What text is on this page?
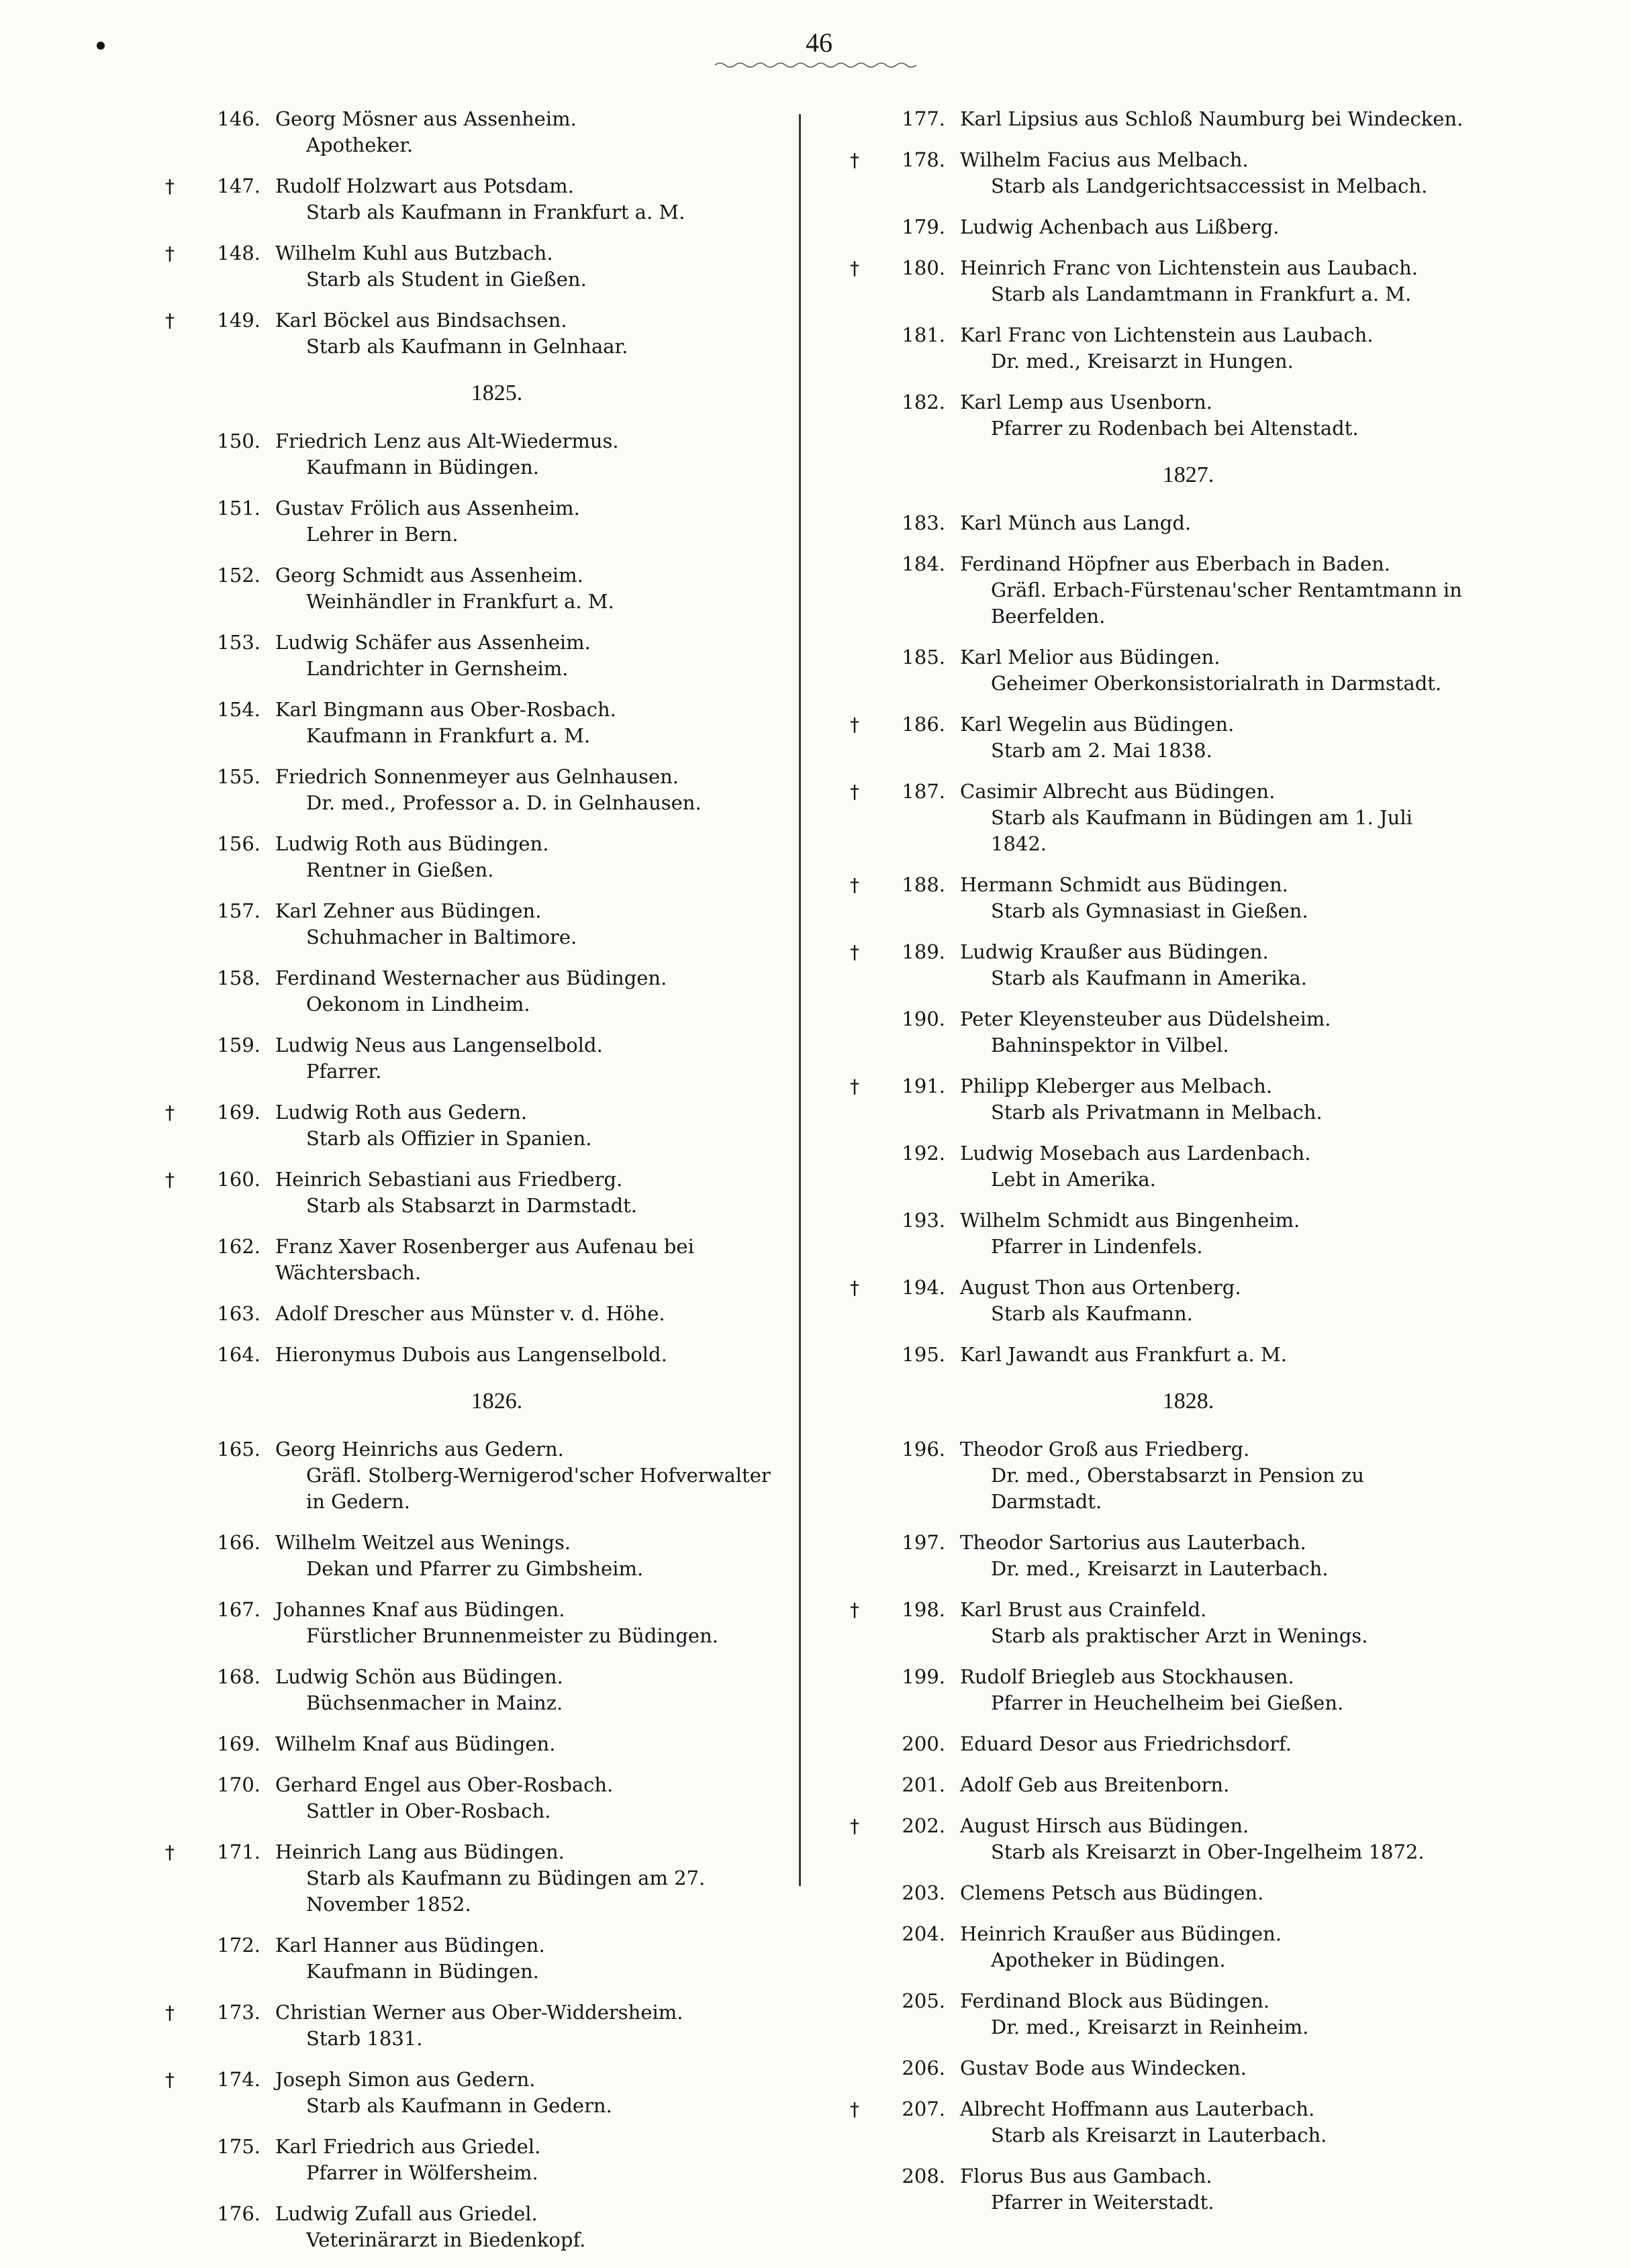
46
146. Georg Mösner aus Assenheim.
Apotheker.
†	147. Rudolf Holzwart aus Potsdam.
Starb als Kaufmann in Frankfurt a. M.
†	148. Wilhelm Kuhl aus Butzbach.
Starb als Student in Gießen.
†	149. Karl Böckel aus Bindsachsen.
Starb als Kaufmann in Gelnhaar.
1825.
150. Friedrich Lenz aus Alt-Wiedermus.
Kaufmann in Büdingen.
151. Gustav Frölich aus Assenheim.
Lehrer in Bern.
152. Georg Schmidt aus Assenheim.
Weinhändler in Frankfurt a. M.
153. Ludwig Schäfer aus Assenheim.
Landrichter in Gernsheim.
154. Karl Bingmann aus Ober-Rosbach.
Kaufmann in Frankfurt a. M.
155. Friedrich Sonnenmeyer aus Gelnhausen.
Dr. med., Professor a. D. in Gelnhausen.
156. Ludwig Roth aus Büdingen.
Rentner in Gießen.
157. Karl Zehner aus Büdingen.
Schuhmacher in Baltimore.
158. Ferdinand Westernacher aus Büdingen.
Oekonom in Lindheim.
159. Ludwig Neus aus Langenselbold.
Pfarrer.
†	169. Ludwig Roth aus Gedern.
Starb als Offizier in Spanien.
†	160. Heinrich Sebastiani aus Friedberg.
Starb als Stabsarzt in Darmstadt.
162. Franz Xaver Rosenberger aus Aufenau bei Wächtersbach.
163. Adolf Drescher aus Münster v. d. Höhe.
164. Hieronymus Dubois aus Langenselbold.
1826.
165. Georg Heinrichs aus Gedern.
Gräfl. Stolberg-Wernigerod'scher Hofverwalter in Gedern.
166. Wilhelm Weitzel aus Wenings.
Dekan und Pfarrer zu Gimbsheim.
167. Johannes Knaf aus Büdingen.
Fürstlicher Brunnenmeister zu Büdingen.
168. Ludwig Schön aus Büdingen.
Büchsenmacher in Mainz.
169. Wilhelm Knaf aus Büdingen.
170. Gerhard Engel aus Ober-Rosbach.
Sattler in Ober-Rosbach.
†	171. Heinrich Lang aus Büdingen.
Starb als Kaufmann zu Büdingen am 27. November 1852.
172. Karl Hanner aus Büdingen.
Kaufmann in Büdingen.
†	173. Christian Werner aus Ober-Widdersheim.
Starb 1831.
†	174. Joseph Simon aus Gedern.
Starb als Kaufmann in Gedern.
175. Karl Friedrich aus Griedel.
Pfarrer in Wölfersheim.
176. Ludwig Zufall aus Griedel.
Veterinärarzt in Biedenkopf.
177. Karl Lipsius aus Schloß Naumburg bei Windecken.
†	178. Wilhelm Facius aus Melbach.
Starb als Landgerichtsaccessist in Melbach.
179. Ludwig Achenbach aus Lißberg.
†	180. Heinrich Franc von Lichtenstein aus Laubach.
Starb als Landamtmann in Frankfurt a. M.
181. Karl Franc von Lichtenstein aus Laubach.
Dr. med., Kreisarzt in Hungen.
182. Karl Lemp aus Usenborn.
Pfarrer zu Rodenbach bei Altenstadt.
1827.
183. Karl Münch aus Langd.
184. Ferdinand Höpfner aus Eberbach in Baden.
Gräfl. Erbach-Fürstenau'scher Rentamtmann in Beerfelden.
185. Karl Melior aus Büdingen.
Geheimer Oberkonsistorialrath in Darmstadt.
†	186. Karl Wegelin aus Büdingen.
Starb am 2. Mai 1838.
†	187. Casimir Albrecht aus Büdingen.
Starb als Kaufmann in Büdingen am 1. Juli 1842.
†	188. Hermann Schmidt aus Büdingen.
Starb als Gymnasiast in Gießen.
†	189. Ludwig Kraußer aus Büdingen.
Starb als Kaufmann in Amerika.
190. Peter Kleyensteuber aus Düdelsheim.
Bahninspektor in Vilbel.
†	191. Philipp Kleberger aus Melbach.
Starb als Privatmann in Melbach.
192. Ludwig Mosebach aus Lardenbach.
Lebt in Amerika.
193. Wilhelm Schmidt aus Bingenheim.
Pfarrer in Lindenfels.
†	194. August Thon aus Ortenberg.
Starb als Kaufmann.
195. Karl Jawandt aus Frankfurt a. M.
1828.
196. Theodor Groß aus Friedberg.
Dr. med., Oberstabsarzt in Pension zu Darmstadt.
197. Theodor Sartorius aus Lauterbach.
Dr. med., Kreisarzt in Lauterbach.
†	198. Karl Brust aus Crainfeld.
Starb als praktischer Arzt in Wenings.
199. Rudolf Briegleb aus Stockhausen.
Pfarrer in Heuchelheim bei Gießen.
200. Eduard Desor aus Friedrichsdorf.
201. Adolf Geb aus Breitenborn.
†	202. August Hirsch aus Büdingen.
Starb als Kreisarzt in Ober-Ingelheim 1872.
203. Clemens Petsch aus Büdingen.
204. Heinrich Kraußer aus Büdingen.
Apotheker in Büdingen.
205. Ferdinand Block aus Büdingen.
Dr. med., Kreisarzt in Reinheim.
206. Gustav Bode aus Windecken.
†	207. Albrecht Hoffmann aus Lauterbach.
Starb als Kreisarzt in Lauterbach.
208. Florus Bus aus Gambach.
Pfarrer in Weiterstadt.
